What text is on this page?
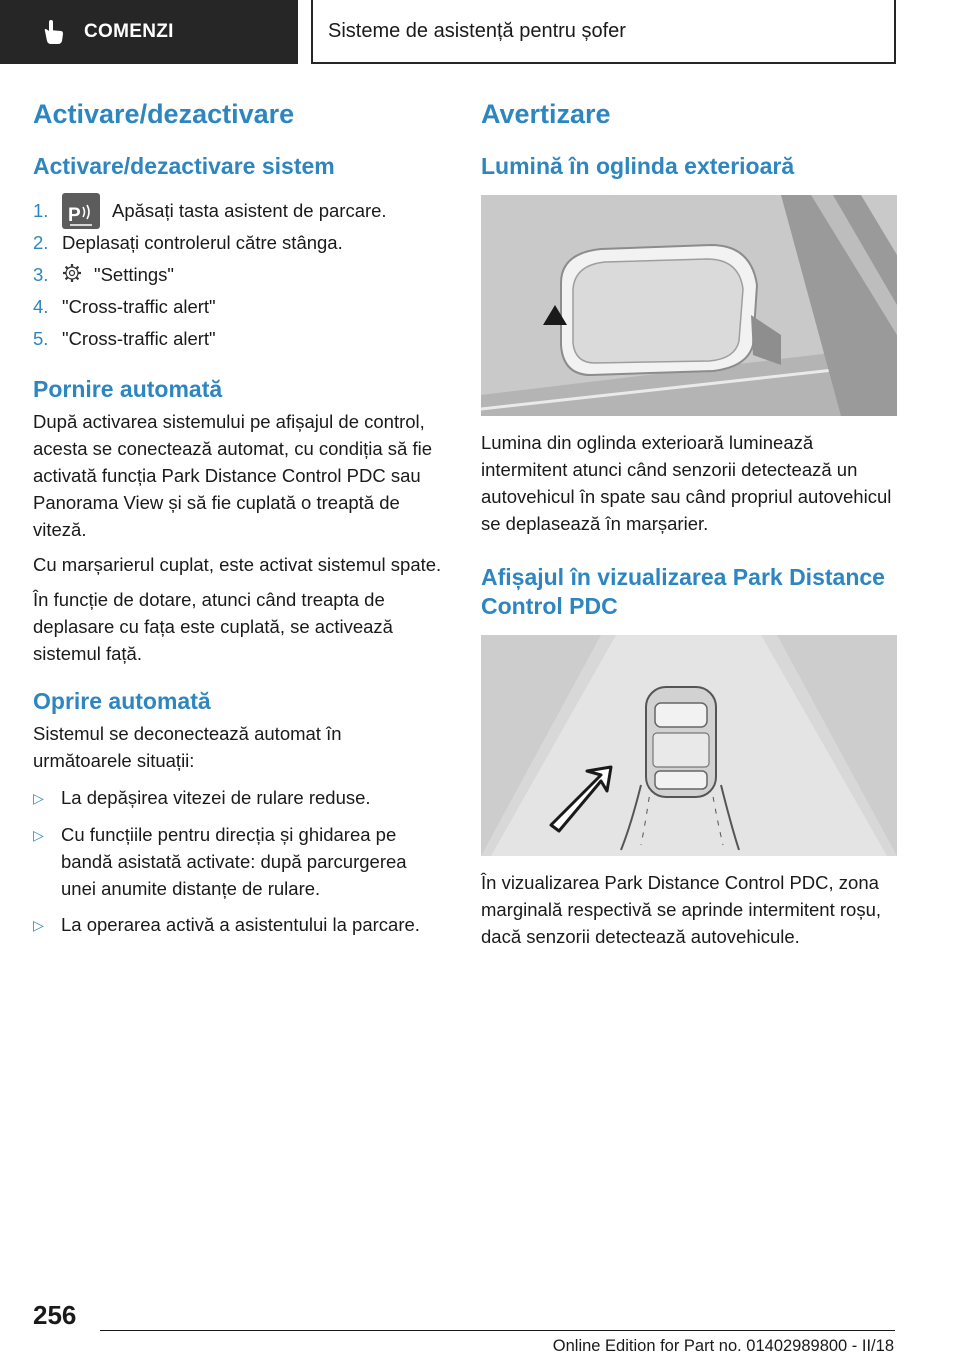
COMENZI	Sisteme de asistență pentru șofer
Activare/dezactivare
Activare/dezactivare sistem
1.	P Apăsați tasta asistent de parcare.
2. Deplasați controlerul către stânga.
3.	"Settings"
4. "Cross-traffic alert"
5. "Cross-traffic alert"
Pornire automată

După activarea sistemului pe afișajul de control, acesta se conectează automat, cu condiția să fie activată funcția Park Distance Control PDC sau Panorama View și să fie cuplată o treaptă de viteză.

Cu marșarierul cuplat, este activat sistemul spate.

În funcție de dotare, atunci când treapta de deplasare cu fața este cuplată, se activează sistemul față.

Oprire automată

Sistemul se deconectează automat în următoarele situații:

▷ La depășirea vitezei de rulare reduse.
▷ Cu funcțiile pentru direcția și ghidarea pe bandă asistată activate: după parcurgerea unei anumite distanțe de rulare.
▷ La operarea activă a asistentului la parcare.
Avertizare
Lumină în oglinda exterioară

Lumina din oglinda exterioară luminează intermitent atunci când senzorii detectează un autovehicul în spate sau când propriul autovehicul se deplasează în marșarier.

Afișajul în vizualizarea Park Distance Control PDC

În vizualizarea Park Distance Control PDC, zona marginală respectivă se aprinde intermitent roșu, dacă senzorii detectează autovehicule.

256
Online Edition for Part no. 01402989800 - II/18
